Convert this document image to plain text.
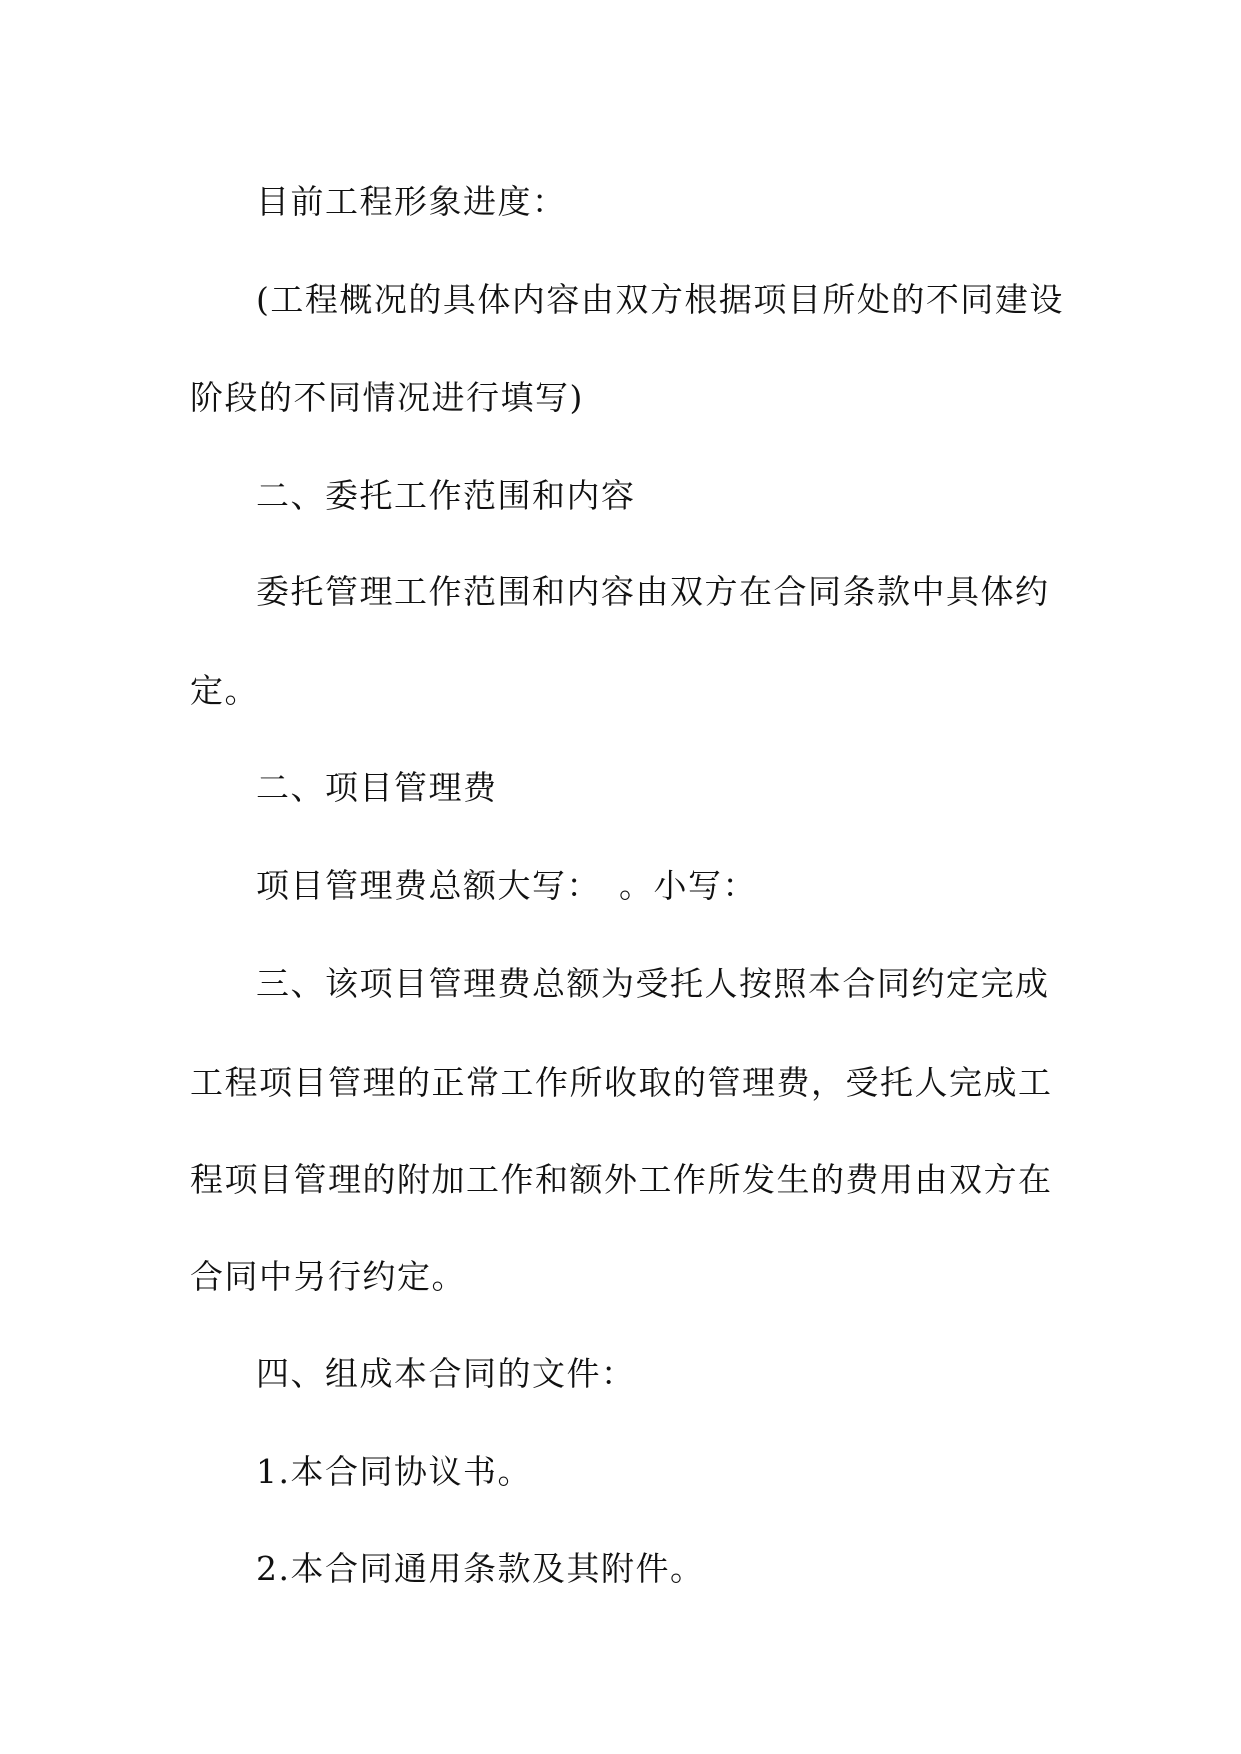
目前工程形象进度：
(工程概况的具体内容由双方根据项目所处的不同建设
阶段的不同情况进行填写)
二、委托工作范围和内容
委托管理工作范围和内容由双方在合同条款中具体约
定。
二、项目管理费
项目管理费总额大写：　。小写：
三、该项目管理费总额为受托人按照本合同约定完成
工程项目管理的正常工作所收取的管理费，受托人完成工
程项目管理的附加工作和额外工作所发生的费用由双方在
合同中另行约定。
四、组成本合同的文件：
1.本合同协议书。
2.本合同通用条款及其附件。
